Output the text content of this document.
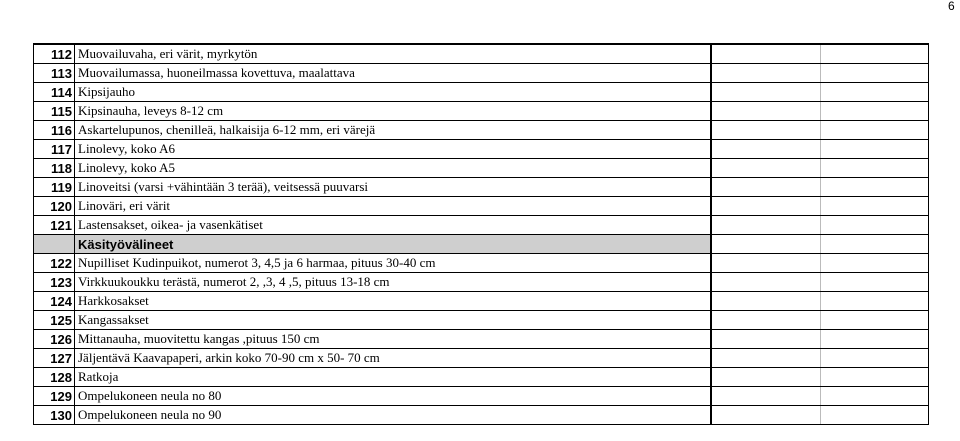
6
112	Muovailuvaha, eri värit, myrkytön		
113	Muovailumassa, huoneilmassa kovettuva, maalattava		
114	Kipsijauho		
115	Kipsinauha, leveys 8-12 cm		
116	Askartelupunos, chenilleä, halkaisija 6-12 mm, eri värejä		
117	Linolevy, koko A6		
118	Linolevy, koko A5		
119	Linoveitsi (varsi +vähintään 3 terää), veitsessä puuvarsi		
120	Linoväri, eri värit		
121	Lastensakset, oikea- ja vasenkätiset		
	Käsityövälineet		
122	Nupilliset Kudinpuikot, numerot 3, 4,5 ja 6 harmaa, pituus 30-40 cm		
123	Virkkuukoukku terästä, numerot 2, ,3, 4 ,5, pituus 13-18 cm		
124	Harkkosakset		
125	Kangassakset		
126	Mittanauha, muovitettu kangas ,pituus 150 cm		
127	Jäljentävä Kaavapaperi, arkin koko 70-90 cm x 50- 70 cm		
128	Ratkoja		
129	Ompelukoneen neula no 80		
130	Ompelukoneen neula no 90		
